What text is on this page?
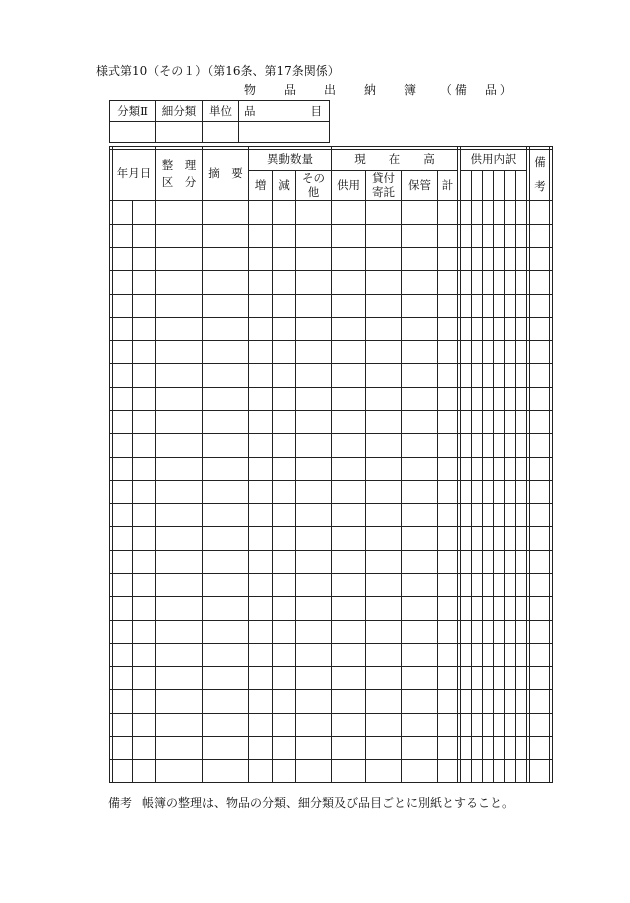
様式第10（その１）（第16条、第17条関係）
物　品　出　納　簿 （備　品）
分類Ⅱ 細分類 単位 品	目
年月日
整　理
区　分
摘　要
異動数量
増 減 その
他
現　　在　　高
供用 貸付
寄託 保管 計
供用内訳 備
考
備考 帳簿の整理は、物品の分類、細分類及び品目ごとに別紙とすること。
